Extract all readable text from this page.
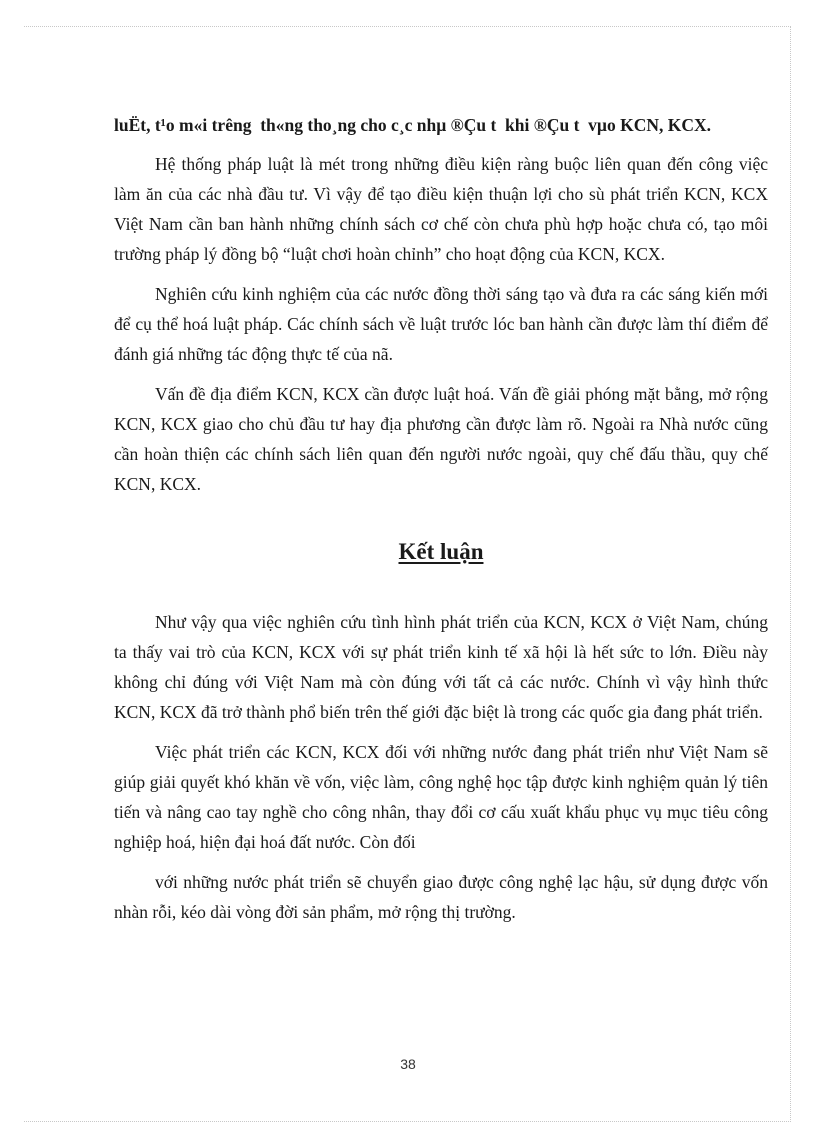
luËt, t¹o m«i trêng  th«ng tho¸ng cho c¸c nhµ ®Çu t  khi ®Çu t  vµo KCN, KCX.

Hệ thống pháp luật là mét trong những điều kiện ràng buộc liên quan đến công việc làm ăn của các nhà đầu tư. Vì vậy để tạo điều kiện thuận lợi cho sù phát triển KCN, KCX Việt Nam cần ban hành những chính sách cơ chế còn chưa phù hợp hoặc chưa có, tạo môi trường pháp lý đồng bộ “luật chơi hoàn chỉnh” cho hoạt động của KCN, KCX.

Nghiên cứu kinh nghiệm của các nước đồng thời sáng tạo và đưa ra các sáng kiến mới để cụ thể hoá luật pháp. Các chính sách về luật trước lóc ban hành cần được làm thí điểm để đánh giá những tác động thực tế của nã.

Vấn đề địa điểm KCN, KCX cần được luật hoá. Vấn đề giải phóng mặt bằng, mở rộng KCN, KCX giao cho chủ đầu tư hay địa phương cần được làm rõ. Ngoài ra Nhà nước cũng cần hoàn thiện các chính sách liên quan đến người nước ngoài, quy chế đấu thầu, quy chế KCN, KCX.

Kết luận

Như vậy qua việc nghiên cứu tình hình phát triển của KCN, KCX ở Việt Nam, chúng ta thấy vai trò của KCN, KCX với sự phát triển kinh tế xã hội là hết sức to lớn. Điều này không chỉ đúng với Việt Nam mà còn đúng với tất cả các nước. Chính vì vậy hình thức KCN, KCX đã trở thành phổ biến trên thế giới đặc biệt là trong các quốc gia đang phát triển.

Việc phát triển các KCN, KCX đối với những nước đang phát triển như Việt Nam sẽ giúp giải quyết khó khăn về vốn, việc làm, công nghệ học tập được kinh nghiệm quản lý tiên tiến và nâng cao tay nghề cho công nhân, thay đổi cơ cấu xuất khẩu phục vụ mục tiêu công nghiệp hoá, hiện đại hoá đất nước. Còn đối

với những nước phát triển sẽ chuyển giao được công nghệ lạc hậu, sử dụng được vốn nhàn rỗi, kéo dài vòng đời sản phẩm, mở rộng thị trường.

38
